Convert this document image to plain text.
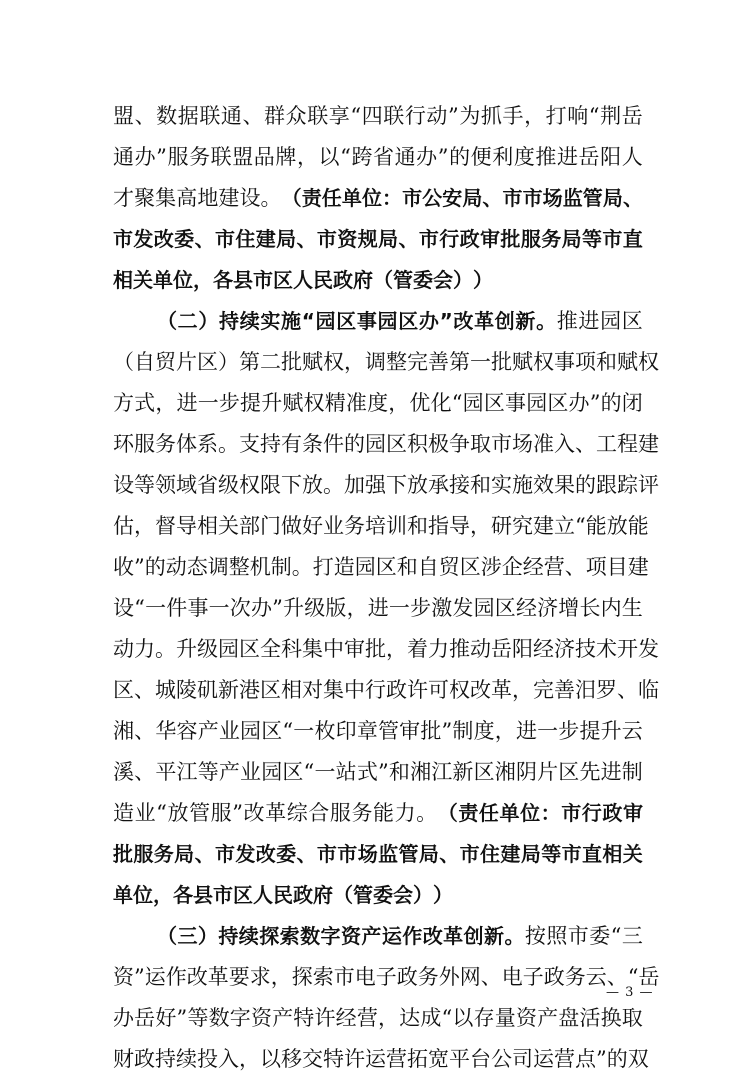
盟 、 数 据 联 通 、 群 众 联 享 “ 四 联 行 动 ” 为 抓 手 ， 打 响 “ 荆 岳
通 办 ” 服 务 联 盟 品 牌 ， 以 “ 跨 省 通 办 ” 的 便 利 度 推 进 岳 阳 人
才 聚 集 高 地 建 设 。 （ 责 任 单 位 ： 市 公 安 局 、 市 市 场 监 管 局 、
市 发 改 委 、 市 住 建 局 、 市 资 规 局 、 市 行 政 审 批 服 务 局 等 市 直
相 关 单 位 ， 各 县 市 区 人 民 政 府 （ 管 委 会 ） ）
（ 二 ） 持 续 实 施 “ 园 区 事 园 区 办 ” 改 革 创 新 。 推 进 园 区
（ 自 贸 片 区 ） 第 二 批 赋 权 ， 调 整 完 善 第 一 批 赋 权 事 项 和 赋 权
方 式 ， 进 一 步 提 升 赋 权 精 准 度 ， 优 化 “ 园 区 事 园 区 办 ” 的 闭
环 服 务 体 系 。 支 持 有 条 件 的 园 区 积 极 争 取 市 场 准 入 、 工 程 建
设 等 领 域 省 级 权 限 下 放 。 加 强 下 放 承 接 和 实 施 效 果 的 跟 踪 评
估 ， 督 导 相 关 部 门 做 好 业 务 培 训 和 指 导 ， 研 究 建 立 “ 能 放 能
收 ” 的 动 态 调 整 机 制 。 打 造 园 区 和 自 贸 区 涉 企 经 营 、 项 目 建
设 “ 一 件 事 一 次 办 ” 升 级 版 ， 进 一 步 激 发 园 区 经 济 增 长 内 生
动 力 。 升 级 园 区 全 科 集 中 审 批 ， 着 力 推 动 岳 阳 经 济 技 术 开 发
区 、 城 陵 矶 新 港 区 相 对 集 中 行 政 许 可 权 改 革 ， 完 善 汨 罗 、 临
湘 、 华 容 产 业 园 区 “ 一 枚 印 章 管 审 批 ” 制 度 ， 进 一 步 提 升 云
溪 、 平 江 等 产 业 园 区 “ 一 站 式 ” 和 湘 江 新 区 湘 阴 片 区 先 进 制
造 业 “ 放 管 服 ” 改 革 综 合 服 务 能 力 。 （ 责 任 单 位 ： 市 行 政 审
批 服 务 局 、 市 发 改 委 、 市 市 场 监 管 局 、 市 住 建 局 等 市 直 相 关
单 位 ， 各 县 市 区 人 民 政 府 （ 管 委 会 ） ）
（ 三 ） 持 续 探 索 数 字 资 产 运 作 改 革 创 新 。 按 照 市 委 “ 三
资 ” 运 作 改 革 要 求 ， 探 索 市 电 子 政 务 外 网 、 电 子 政 务 云 、 “ 岳
办 岳 好 ” 等 数 字 资 产 特 许 经 营 ， 达 成 “ 以 存 量 资 产 盘 活 换 取
财 政 持 续 投 入 ， 以 移 交 特 许 运 营 拓 宽 平 台 公 司 运 营 点 ” 的 双
— 3 —
